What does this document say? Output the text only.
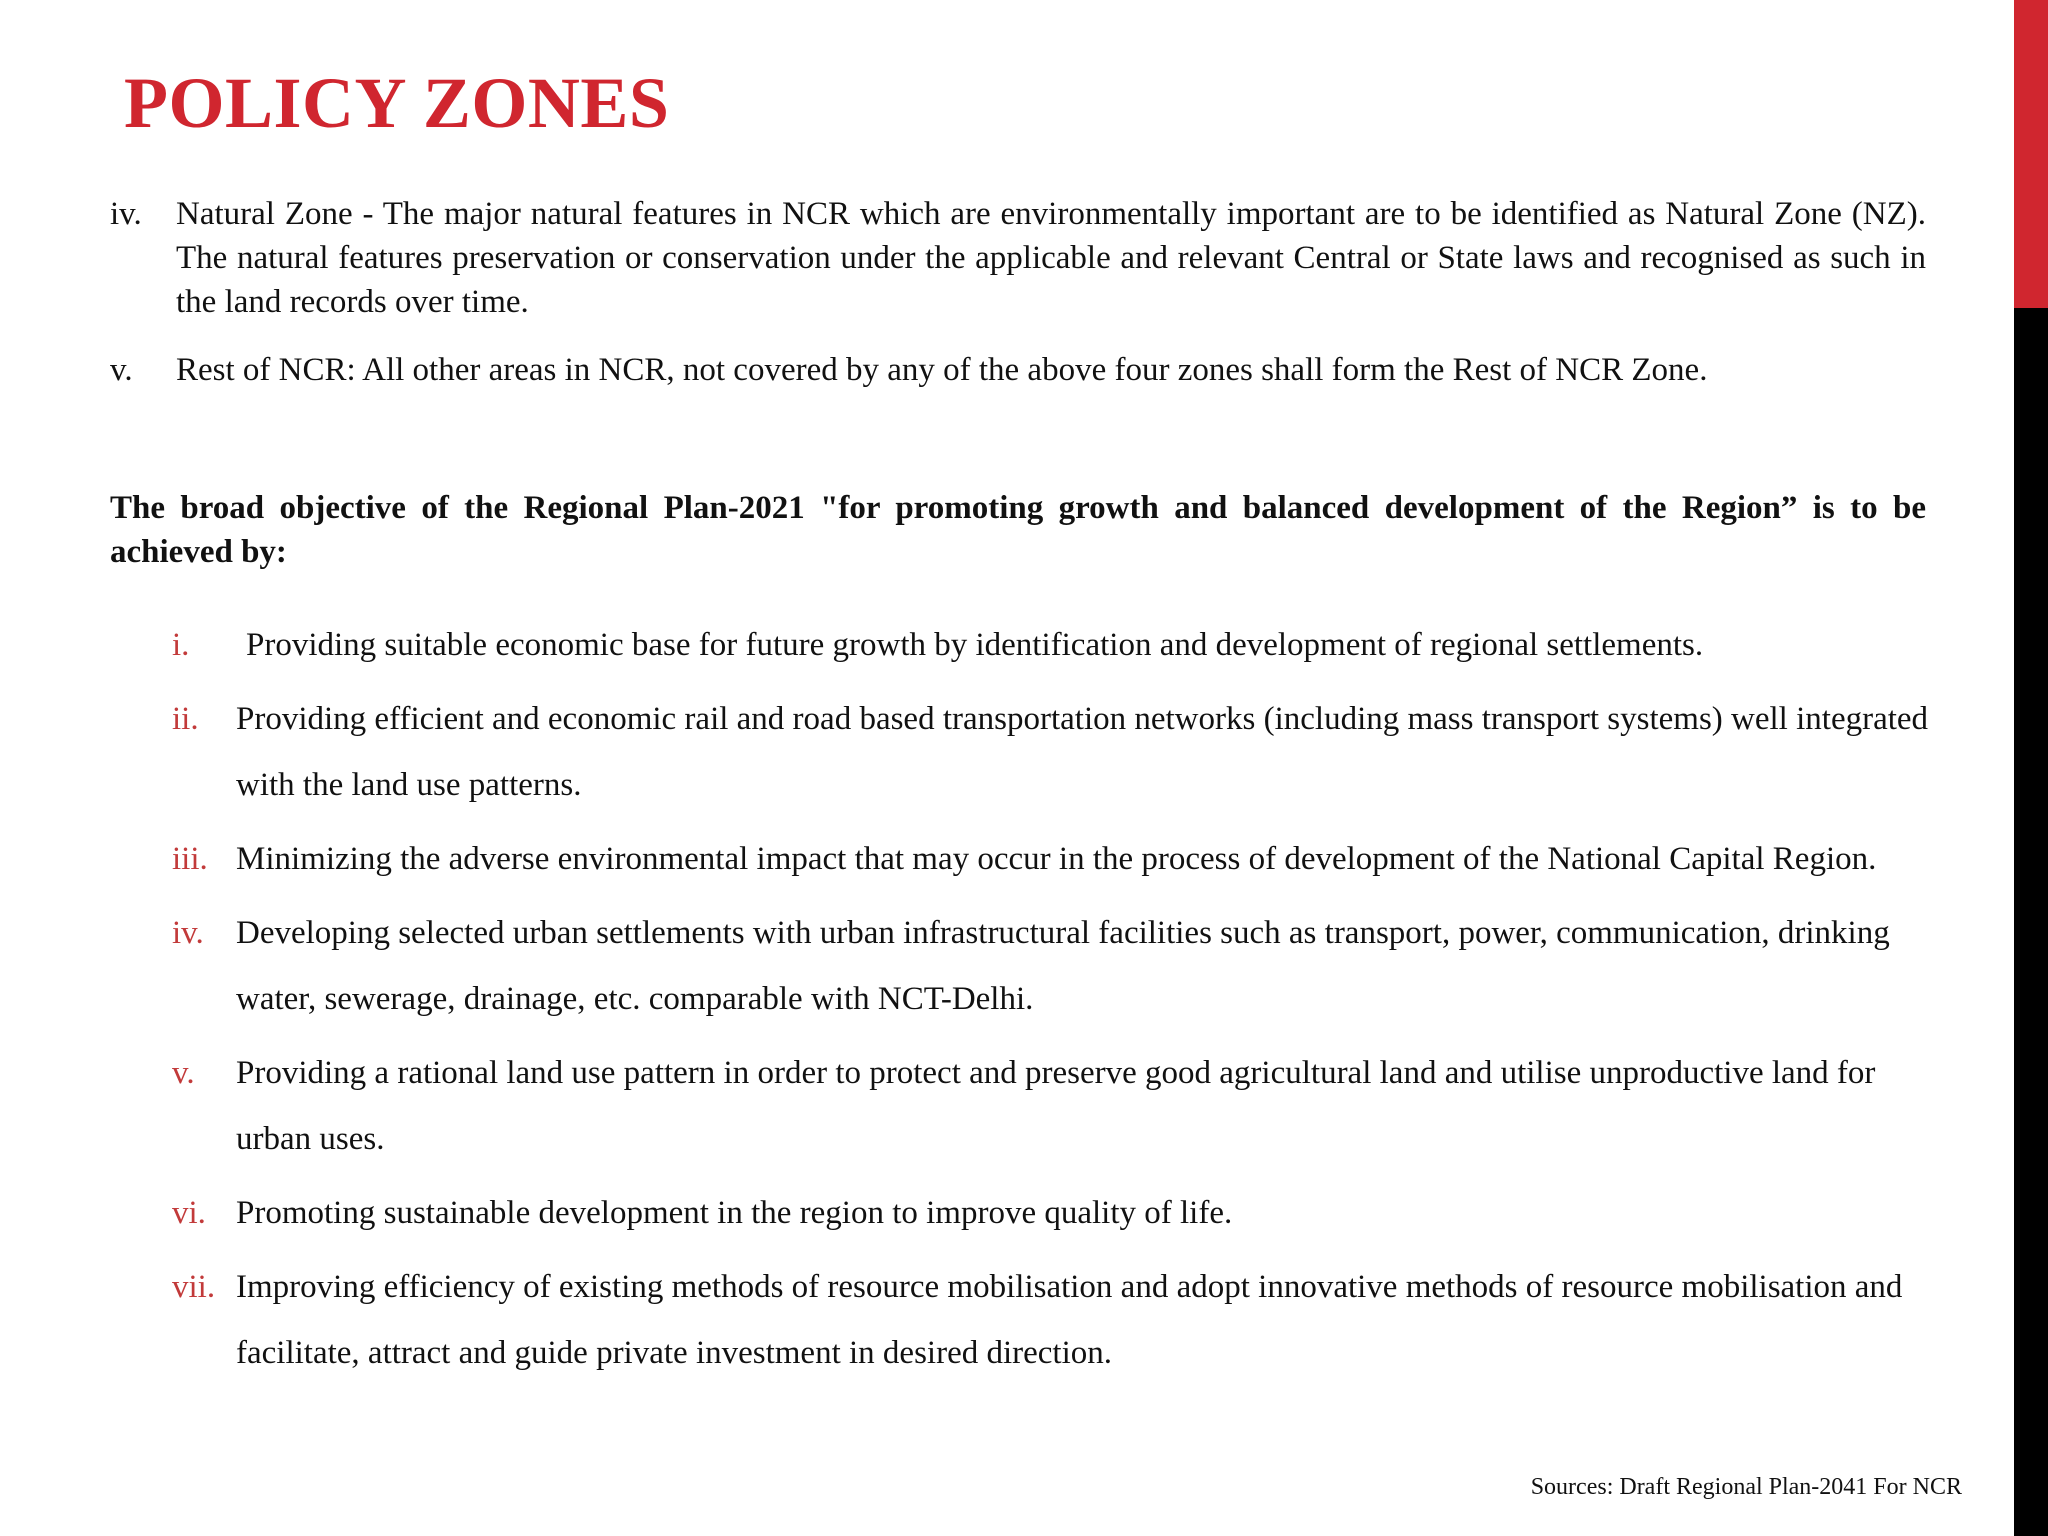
POLICY ZONES
iv. Natural Zone - The major natural features in NCR which are environmentally important are to be identified as Natural Zone (NZ). The natural features preservation or conservation under the applicable and relevant Central or State laws and recognised as such in the land records over time.
v. Rest of NCR: All other areas in NCR, not covered by any of the above four zones shall form the Rest of NCR Zone.

The broad objective of the Regional Plan-2021 "for promoting growth and balanced development of the Region” is to be achieved by:

i.	Providing suitable economic base for future growth by identification and development of regional settlements.
ii. Providing efficient and economic rail and road based transportation networks (including mass transport systems) well integrated with the land use patterns.
iii. Minimizing the adverse environmental impact that may occur in the process of development of the National Capital Region.
iv. Developing selected urban settlements with urban infrastructural facilities such as transport, power, communication, drinking water, sewerage, drainage, etc. comparable with NCT-Delhi.
v. Providing a rational land use pattern in order to protect and preserve good agricultural land and utilise unproductive land for urban uses.
vi. Promoting sustainable development in the region to improve quality of life.
vii. Improving efficiency of existing methods of resource mobilisation and adopt innovative methods of resource mobilisation and facilitate, attract and guide private investment in desired direction.
Sources: Draft Regional Plan-2041 For NCR
